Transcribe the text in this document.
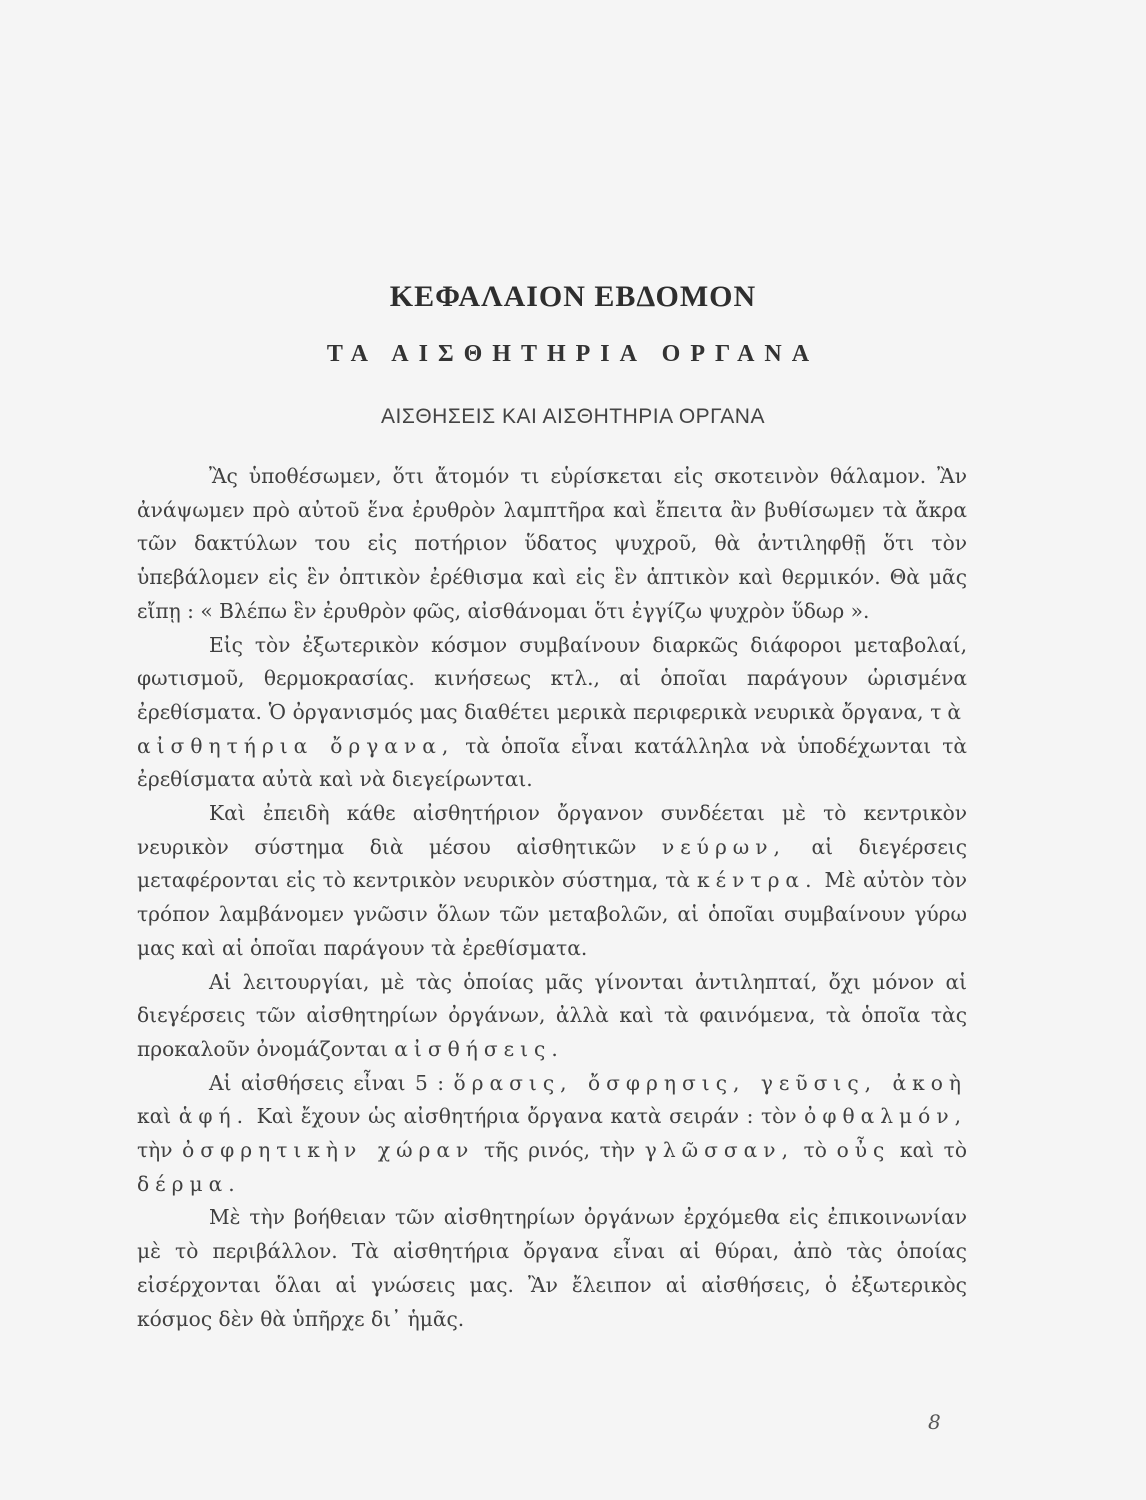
ΚΕΦΑΛΑΙΟΝ ΕΒΔΟΜΟΝ
ΤΑ ΑΙΣΘΗΤΗΡΙΑ ΟΡΓΑΝΑ
ΑΙΣΘΗΣΕΙΣ ΚΑΙ ΑΙΣΘΗΤΗΡΙΑ ΟΡΓΑΝΑ

Ἂς ὑποθέσωμεν, ὅτι ἄτομόν τι εὑρίσκεται εἰς σκοτεινὸν θάλαμον. Ἂν ἀνάψωμεν πρὸ αὐτοῦ ἕνα ἐρυθρὸν λαμπτῆρα καὶ ἔπειτα ἂν βυθίσωμεν τὰ ἄκρα τῶν δακτύλων του εἰς ποτήριον ὕδατος ψυχροῦ, θὰ ἀντιληφθῇ ὅτι τὸν ὑπεβάλομεν εἰς ἓν ὀπτικὸν ἐρέθισμα καὶ εἰς ἓν ἁπτικὸν καὶ θερμικόν. Θὰ μᾶς εἴπῃ : « Βλέπω ἓν ἐρυθρὸν φῶς, αἰσθάνομαι ὅτι ἐγγίζω ψυχρὸν ὕδωρ ».

Εἰς τὸν ἐξωτερικὸν κόσμον συμβαίνουν διαρκῶς διάφοροι μεταβολαί, φωτισμοῦ, θερμοκρασίας. κινήσεως κτλ., αἱ ὁποῖαι παράγουν ὡρισμένα ἐρεθίσματα. Ὁ ὀργανισμός μας διαθέτει μερικὰ περιφερικὰ νευρικὰ ὄργανα, τὰ αἰσθητήρια ὄργανα, τὰ ὁποῖα εἶναι κατάλληλα νὰ ὑποδέχωνται τὰ ἐρεθίσματα αὐτὰ καὶ νὰ διεγείρωνται.

Καὶ ἐπειδὴ κάθε αἰσθητήριον ὄργανον συνδέεται μὲ τὸ κεντρικὸν νευρικὸν σύστημα διὰ μέσου αἰσθητικῶν νεύρων, αἱ διεγέρσεις μεταφέρονται εἰς τὸ κεντρικὸν νευρικὸν σύστημα, τὰ κέντρα. Μὲ αὐτὸν τὸν τρόπον λαμβάνομεν γνῶσιν ὅλων τῶν μεταβολῶν, αἱ ὁποῖαι συμβαίνουν γύρω μας καὶ αἱ ὁποῖαι παράγουν τὰ ἐρεθίσματα.

Αἱ λειτουργίαι, μὲ τὰς ὁποίας μᾶς γίνονται ἀντιληπταί, ὄχι μόνον αἱ διεγέρσεις τῶν αἰσθητηρίων ὀργάνων, ἀλλὰ καὶ τὰ φαινόμενα, τὰ ὁποῖα τὰς προκαλοῦν ὀνομάζονται αἰσθήσεις.

Αἱ αἰσθήσεις εἶναι 5 : ὅρασις, ὄσφρησις, γεῦσις, ἀκοὴ καὶ ἁφή. Καὶ ἔχουν ὡς αἰσθητήρια ὄργανα κατὰ σειράν : τὸν ὀφθαλμόν, τὴν ὀσφρητικὴν χώραν τῆς ρινός, τὴν γλῶσσαν, τὸ οὖς καὶ τὸ δέρμα.

Μὲ τὴν βοήθειαν τῶν αἰσθητηρίων ὀργάνων ἐρχόμεθα εἰς ἐπικοινωνίαν μὲ τὸ περιβάλλον. Τὰ αἰσθητήρια ὄργανα εἶναι αἱ θύραι, ἀπὸ τὰς ὁποίας εἰσέρχονται ὅλαι αἱ γνώσεις μας. Ἂν ἔλειπον αἱ αἰσθήσεις, ὁ ἐξωτερικὸς κόσμος δὲν θὰ ὑπῆρχε δι᾽ ἡμᾶς.

8
